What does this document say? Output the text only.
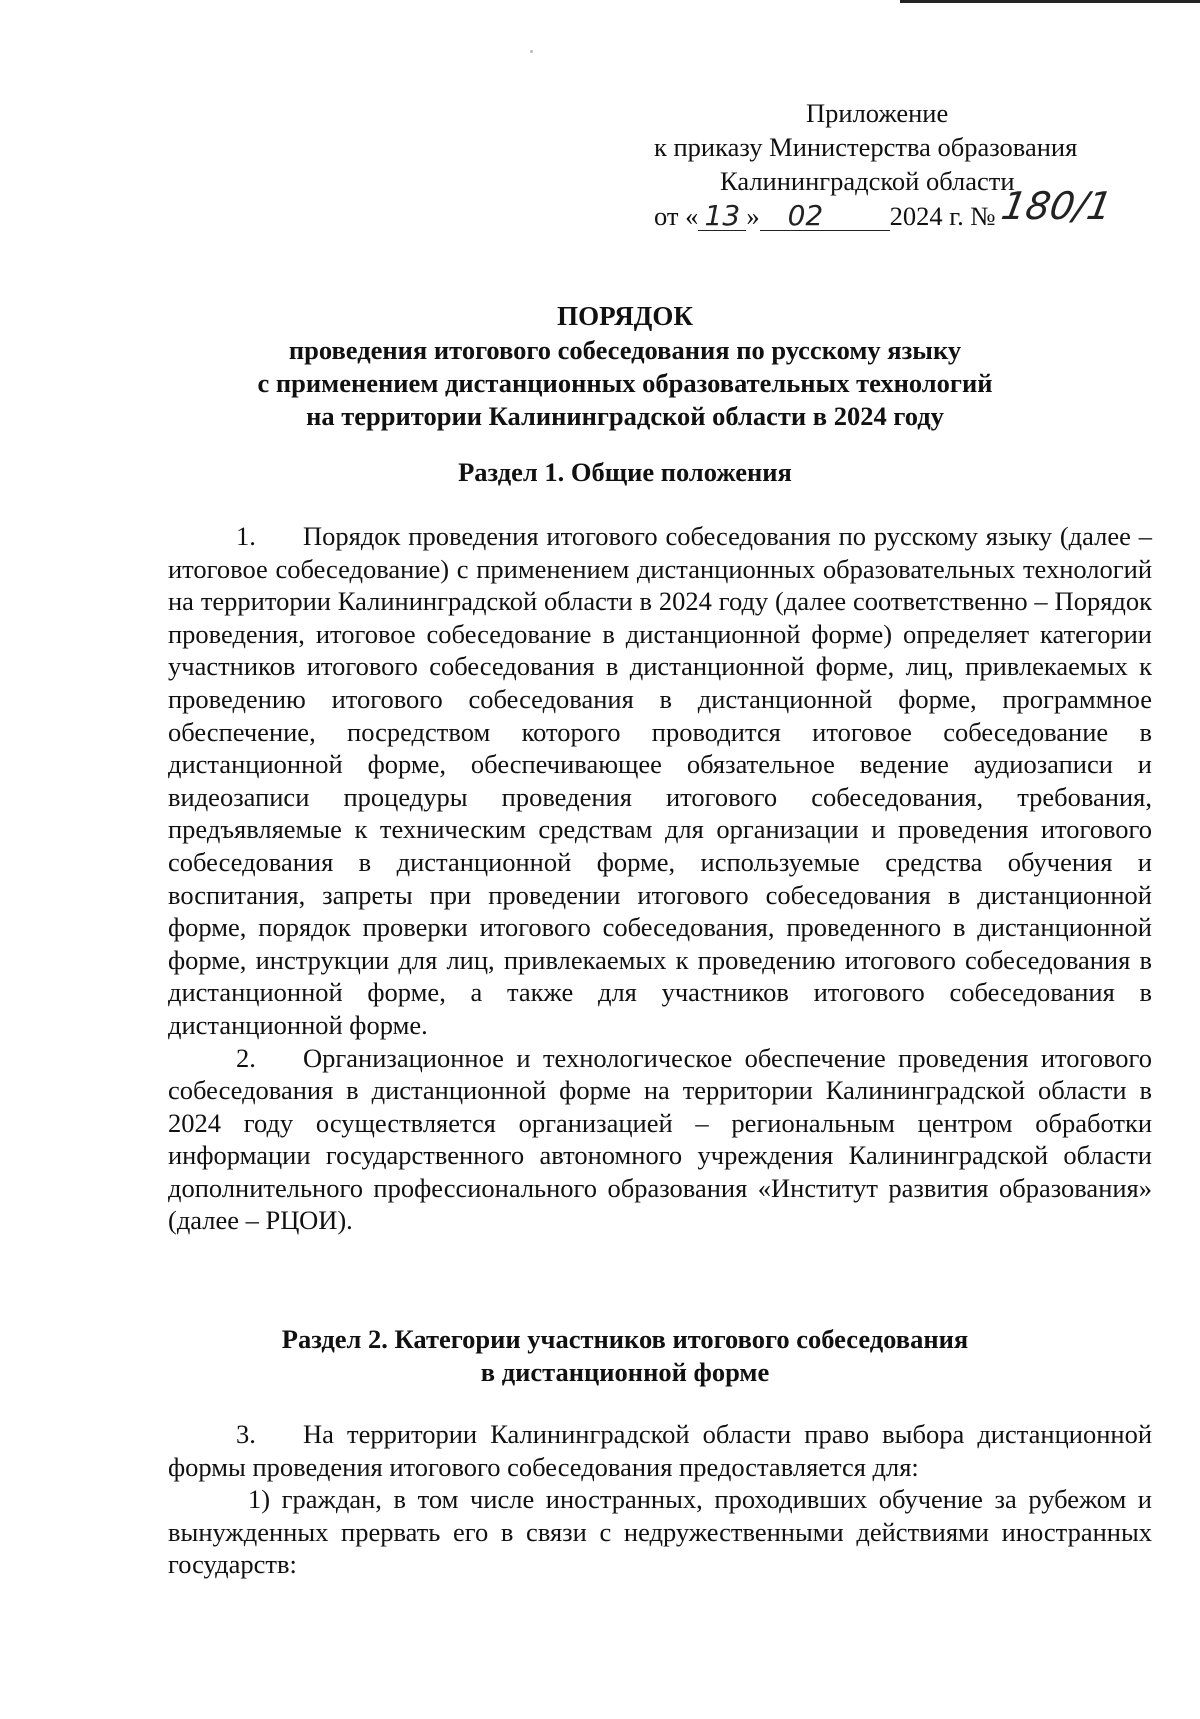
Приложение
к приказу Министерства образования
Калининградской области
от « 13 » 02	2024 г. № 180/1
ПОРЯДОК
проведения итогового собеседования по русскому языку
с применением дистанционных образовательных технологий
на территории Калининградской области в 2024 году
Раздел 1. Общие положения

1. Порядок проведения итогового собеседования по русскому языку (далее – итоговое собеседование) с применением дистанционных образовательных технологий на территории Калининградской области в 2024 году (далее соответственно – Порядок проведения, итоговое собеседование в дистанционной форме) определяет категории участников итогового собеседования в дистанционной форме, лиц, привлекаемых к проведению итогового собеседования в дистанционной форме, программное обеспечение, посредством которого проводится итоговое собеседование в дистанционной форме, обеспечивающее обязательное ведение аудиозаписи и видеозаписи процедуры проведения итогового собеседования, требования, предъявляемые к техническим средствам для организации и проведения итогового собеседования в дистанционной форме, используемые средства обучения и воспитания, запреты при проведении итогового собеседования в дистанционной форме, порядок проверки итогового собеседования, проведенного в дистанционной форме, инструкции для лиц, привлекаемых к проведению итогового собеседования в дистанционной форме, а также для участников итогового собеседования в дистанционной форме.

2. Организационное и технологическое обеспечение проведения итогового собеседования в дистанционной форме на территории Калининградской области в 2024 году осуществляется организацией – региональным центром обработки информации государственного автономного учреждения Калининградской области дополнительного профессионального образования «Институт развития образования» (далее – РЦОИ).

Раздел 2. Категории участников итогового собеседования
в дистанционной форме

3. На территории Калининградской области право выбора дистанционной формы проведения итогового собеседования предоставляется для:

1) граждан, в том числе иностранных, проходивших обучение за рубежом и вынужденных прервать его в связи с недружественными действиями иностранных государств:
